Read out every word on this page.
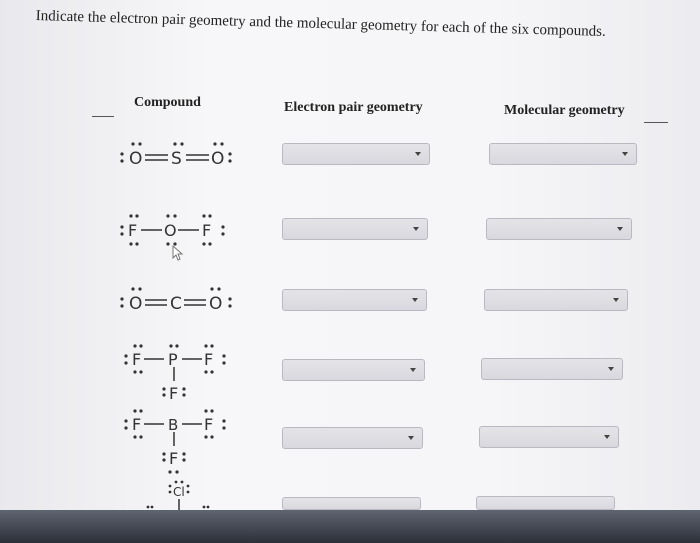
Indicate the electron pair geometry and the molecular geometry for each of the six compounds.
Compound	Electron pair geometry	Molecular geometry
O S O
F O F
O C O
F P F
F
F B F
F
Cl
